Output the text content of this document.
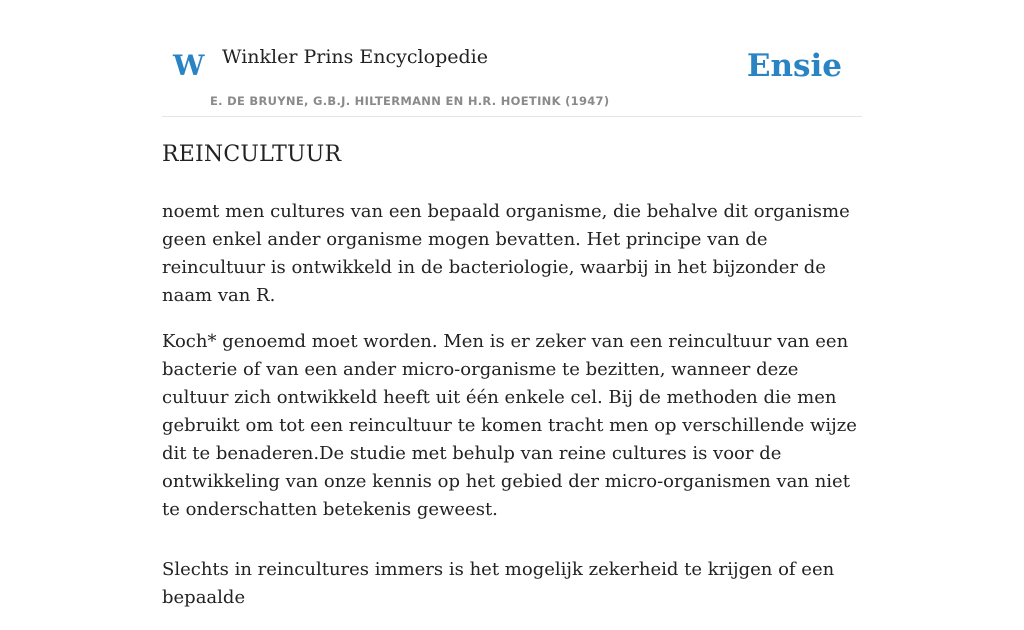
W Winkler Prins Encyclopedie
E. DE BRUYNE, G.B.J. HILTERMANN EN H.R. HOETINK (1947)
Ensie
REINCULTUUR

noemt men cultures van een bepaald organisme, die behalve dit organisme geen enkel ander organisme mogen bevatten. Het principe van de reincultuur is ontwikkeld in de bacteriologie, waarbij in het bijzonder de naam van R.

Koch* genoemd moet worden. Men is er zeker van een reincultuur van een bacterie of van een ander micro-organisme te bezitten, wanneer deze cultuur zich ontwikkeld heeft uit één enkele cel. Bij de methoden die men gebruikt om tot een reincultuur te komen tracht men op verschillende wijze dit te benaderen.De studie met behulp van reine cultures is voor de ontwikkeling van onze kennis op het gebied der micro-organismen van niet te onderschatten betekenis geweest.

Slechts in reincultures immers is het mogelijk zekerheid te krijgen of een bepaalde
